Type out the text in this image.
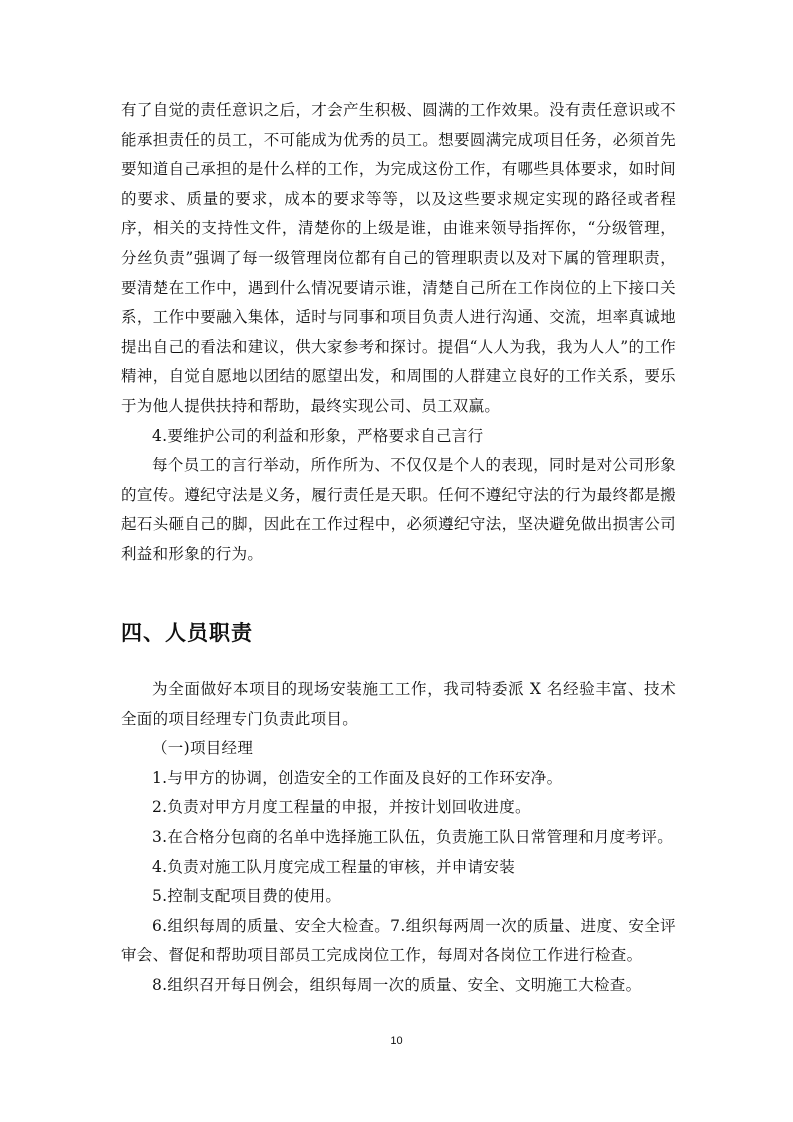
有了自觉的责任意识之后，才会产生积极、圆满的工作效果。没有责任意识或不能承担责任的员工，不可能成为优秀的员工。想要圆满完成项目任务，必须首先要知道自己承担的是什么样的工作，为完成这份工作，有哪些具体要求，如时间的要求、质量的要求，成本的要求等等，以及这些要求规定实现的路径或者程序，相关的支持性文件，清楚你的上级是谁，由谁来领导指挥你，“分级管理，分丝负责”强调了每一级管理岗位都有自己的管理职责以及对下属的管理职责，要清楚在工作中，遇到什么情况要请示谁，清楚自己所在工作岗位的上下接口关系，工作中要融入集体，适时与同事和项目负责人进行沟通、交流，坦率真诚地提出自己的看法和建议，供大家参考和探讨。提倡“人人为我，我为人人”的工作精神，自觉自愿地以团结的愿望出发，和周围的人群建立良好的工作关系，要乐于为他人提供扶持和帮助，最终实现公司、员工双赢。

4.要维护公司的利益和形象，严格要求自己言行

每个员工的言行举动，所作所为、不仅仅是个人的表现，同时是对公司形象的宣传。遵纪守法是义务，履行责任是天职。任何不遵纪守法的行为最终都是搬起石头砸自己的脚，因此在工作过程中，必须遵纪守法，坚决避免做出损害公司利益和形象的行为。

四、人员职责

为全面做好本项目的现场安装施工工作，我司特委派 X 名经验丰富、技术全面的项目经理专门负责此项目。

（一)项目经理

1.与甲方的协调，创造安全的工作面及良好的工作环安净。

2.负责对甲方月度工程量的申报，并按计划回收进度。

3.在合格分包商的名单中选择施工队伍，负责施工队日常管理和月度考评。

4.负责对施工队月度完成工程量的审核，并申请安装

5.控制支配项目费的使用。

6.组织每周的质量、安全大检查。7.组织每两周一次的质量、进度、安全评审会、督促和帮助项目部员工完成岗位工作，每周对各岗位工作进行检查。

8.组织召开每日例会，组织每周一次的质量、安全、文明施工大检查。

10
